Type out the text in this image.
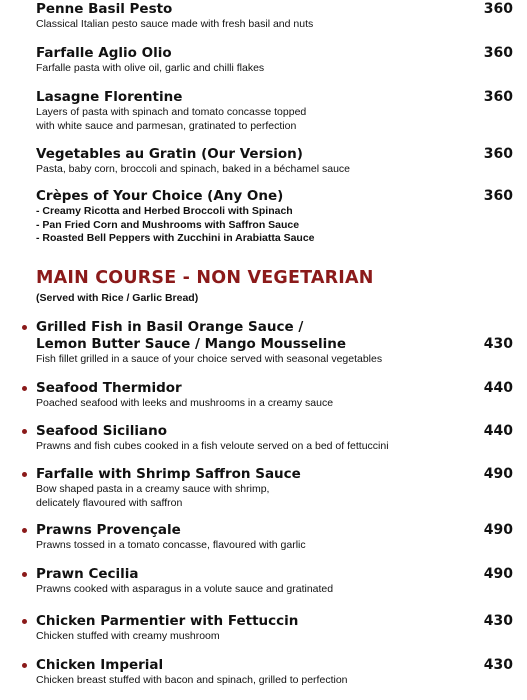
Penne Basil Pesto	360
Classical Italian pesto sauce made with fresh basil and nuts
Farfalle Aglio Olio	360
Farfalle pasta with olive oil, garlic and chilli flakes
Lasagne Florentine	360
Layers of pasta with spinach and tomato concasse topped
with white sauce and parmesan, gratinated to perfection
Vegetables au Gratin (Our Version)	360
Pasta, baby corn, broccoli and spinach, baked in a béchamel sauce
Crèpes of Your Choice (Any One)	360
- Creamy Ricotta and Herbed Broccoli with Spinach
- Pan Fried Corn and Mushrooms with Saffron Sauce
- Roasted Bell Peppers with Zucchini in Arabiatta Sauce
MAIN COURSE - NON VEGETARIAN
(Served with Rice / Garlic Bread)
Grilled Fish in Basil Orange Sauce /
Lemon Butter Sauce / Mango Mousseline	430
Fish fillet grilled in a sauce of your choice served with seasonal vegetables
Seafood Thermidor	440
Poached seafood with leeks and mushrooms in a creamy sauce
Seafood Siciliano	440
Prawns and fish cubes cooked in a fish veloute served on a bed of fettuccini
Farfalle with Shrimp Saffron Sauce	490
Bow shaped pasta in a creamy sauce with shrimp,
delicately flavoured with saffron
Prawns Provençale	490
Prawns tossed in a tomato concasse, flavoured with garlic
Prawn Cecilia	490
Prawns cooked with asparagus in a volute sauce and gratinated
Chicken Parmentier with Fettuccin	430
Chicken stuffed with creamy mushroom
Chicken Imperial	430
Chicken breast stuffed with bacon and spinach, grilled to perfection
